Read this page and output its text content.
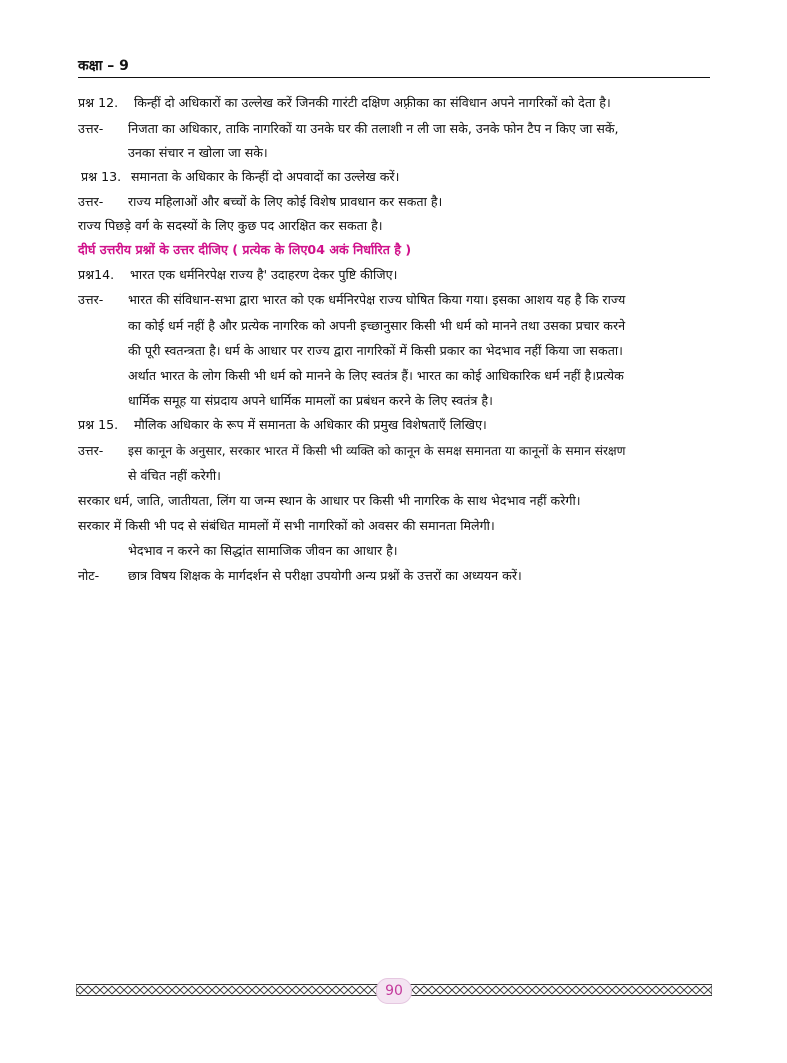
कक्षा – 9
प्रश्न 12. किन्हीं दो अधिकारों का उल्लेख करें जिनकी गारंटी दक्षिण अफ़्रीका का संविधान अपने नागरिकों को देता है।
उत्तर- निजता का अधिकार, ताकि नागरिकों या उनके घर की तलाशी न ली जा सके, उनके फोन टैप न किए जा सकें,
उनका संचार न खोला जा सके।
प्रश्न 13. समानता के अधिकार के किन्हीं दो अपवादों का उल्लेख करें।
उत्तर- राज्य महिलाओं और बच्चों के लिए कोई विशेष प्रावधान कर सकता है।
राज्य पिछड़े वर्ग के सदस्यों के लिए कुछ पद आरक्षित कर सकता है।
दीर्घ उत्तरीय प्रश्नों के उत्तर दीजिए ( प्रत्येक के लिए04 अकं निर्धारित है )
प्रश्न14. भारत एक धर्मनिरपेक्ष राज्य है' उदाहरण देकर पुष्टि कीजिए।
उत्तर- भारत की संविधान-सभा द्वारा भारत को एक धर्मनिरपेक्ष राज्य घोषित किया गया। इसका आशय यह है कि राज्य
का कोई धर्म नहीं है और प्रत्येक नागरिक को अपनी इच्छानुसार किसी भी धर्म को मानने तथा उसका प्रचार करने
की पूरी स्वतन्त्रता है। धर्म के आधार पर राज्य द्वारा नागरिकों में किसी प्रकार का भेदभाव नहीं किया जा सकता।
अर्थात भारत के लोग किसी भी धर्म को मानने के लिए स्वतंत्र हैं। भारत का कोई आधिकारिक धर्म नहीं है।प्रत्येक
धार्मिक समूह या संप्रदाय अपने धार्मिक मामलों का प्रबंधन करने के लिए स्वतंत्र है।
प्रश्न 15. मौलिक अधिकार के रूप में समानता के अधिकार की प्रमुख विशेषताएँ लिखिए।
उत्तर- इस कानून के अनुसार, सरकार भारत में किसी भी व्यक्ति को कानून के समक्ष समानता या कानूनों के समान संरक्षण
से वंचित नहीं करेगी।
सरकार धर्म, जाति, जातीयता, लिंग या जन्म स्थान के आधार पर किसी भी नागरिक के साथ भेदभाव नहीं करेगी।
सरकार में किसी भी पद से संबंधित मामलों में सभी नागरिकों को अवसर की समानता मिलेगी।
भेदभाव न करने का सिद्धांत सामाजिक जीवन का आधार है।
नोट- छात्र विषय शिक्षक के मार्गदर्शन से परीक्षा उपयोगी अन्य प्रश्नों के उत्तरों का अध्ययन करें।
90
